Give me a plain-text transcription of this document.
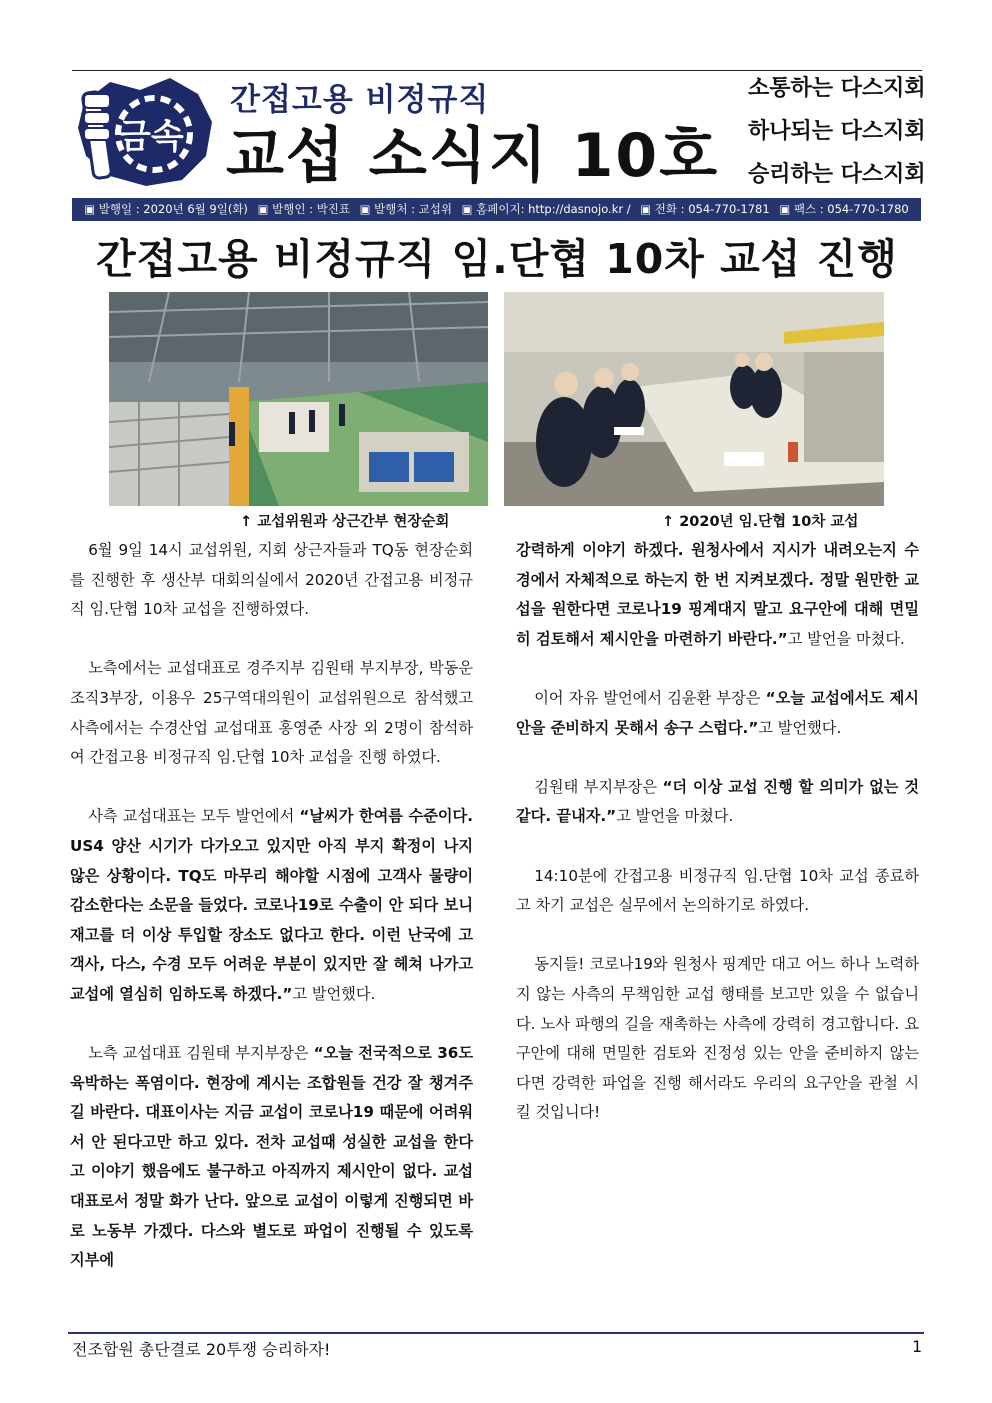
금속
간접고용 비정규직
교섭 소식지 10호
소통하는 다스지회
하나되는 다스지회
승리하는 다스지회
▣ 발행일 : 2020년 6월 9일(화) ▣ 발행인 : 박진표 ▣ 발행처 : 교섭위 ▣ 홈페이지: http://dasnojo.kr / ▣ 전화 : 054-770-1781 ▣ 팩스 : 054-770-1780
간접고용 비정규직 임.단협 10차 교섭 진행
↑ 교섭위원과 상근간부 현장순회	↑ 2020년 임.단협 10차 교섭

6월 9일 14시 교섭위원, 지회 상근자들과 TQ동 현장순회를 진행한 후 생산부 대회의실에서 2020년 간접고용 비정규직 임.단협 10차 교섭을 진행하였다.

노측에서는 교섭대표로 경주지부 김원태 부지부장, 박동운 조직3부장, 이용우 25구역대의원이 교섭위원으로 참석했고 사측에서는 수경산업 교섭대표 홍영준 사장 외 2명이 참석하여 간접고용 비정규직 임.단협 10차 교섭을 진행 하였다.

사측 교섭대표는 모두 발언에서 “날씨가 한여름 수준이다. US4 양산 시기가 다가오고 있지만 아직 부지 확정이 나지 않은 상황이다. TQ도 마무리 해야할 시점에 고객사 물량이 감소한다는 소문을 들었다. 코로나19로 수출이 안 되다 보니 재고를 더 이상 투입할 장소도 없다고 한다. 이런 난국에 고객사, 다스, 수경 모두 어려운 부분이 있지만 잘 헤쳐 나가고 교섭에 열심히 임하도록 하겠다.”고 발언했다.

노측 교섭대표 김원태 부지부장은 “오늘 전국적으로 36도 육박하는 폭염이다. 현장에 계시는 조합원들 건강 잘 챙겨주길 바란다. 대표이사는 지금 교섭이 코로나19 때문에 어려워서 안 된다고만 하고 있다. 전차 교섭때 성실한 교섭을 한다고 이야기 했음에도 불구하고 아직까지 제시안이 없다. 교섭대표로서 정말 화가 난다. 앞으로 교섭이 이렇게 진행되면 바로 노동부 가겠다. 다스와 별도로 파업이 진행될 수 있도록 지부에

강력하게 이야기 하겠다. 원청사에서 지시가 내려오는지 수경에서 자체적으로 하는지 한 번 지켜보겠다. 정말 원만한 교섭을 원한다면 코로나19 핑계대지 말고 요구안에 대해 면밀히 검토해서 제시안을 마련하기 바란다.”고 발언을 마쳤다.

이어 자유 발언에서 김윤환 부장은 “오늘 교섭에서도 제시안을 준비하지 못해서 송구 스럽다.”고 발언했다.

김원태 부지부장은 “더 이상 교섭 진행 할 의미가 없는 것 같다. 끝내자.”고 발언을 마쳤다.

14:10분에 간접고용 비정규직 임.단협 10차 교섭 종료하고 차기 교섭은 실무에서 논의하기로 하였다.

동지들! 코로나19와 원청사 핑계만 대고 어느 하나 노력하지 않는 사측의 무책임한 교섭 행태를 보고만 있을 수 없습니다. 노사 파행의 길을 재촉하는 사측에 강력히 경고합니다. 요구안에 대해 면밀한 검토와 진정성 있는 안을 준비하지 않는다면 강력한 파업을 진행 해서라도 우리의 요구안을 관철 시킬 것입니다!

전조합원 총단결로 20투쟁 승리하자!	1
